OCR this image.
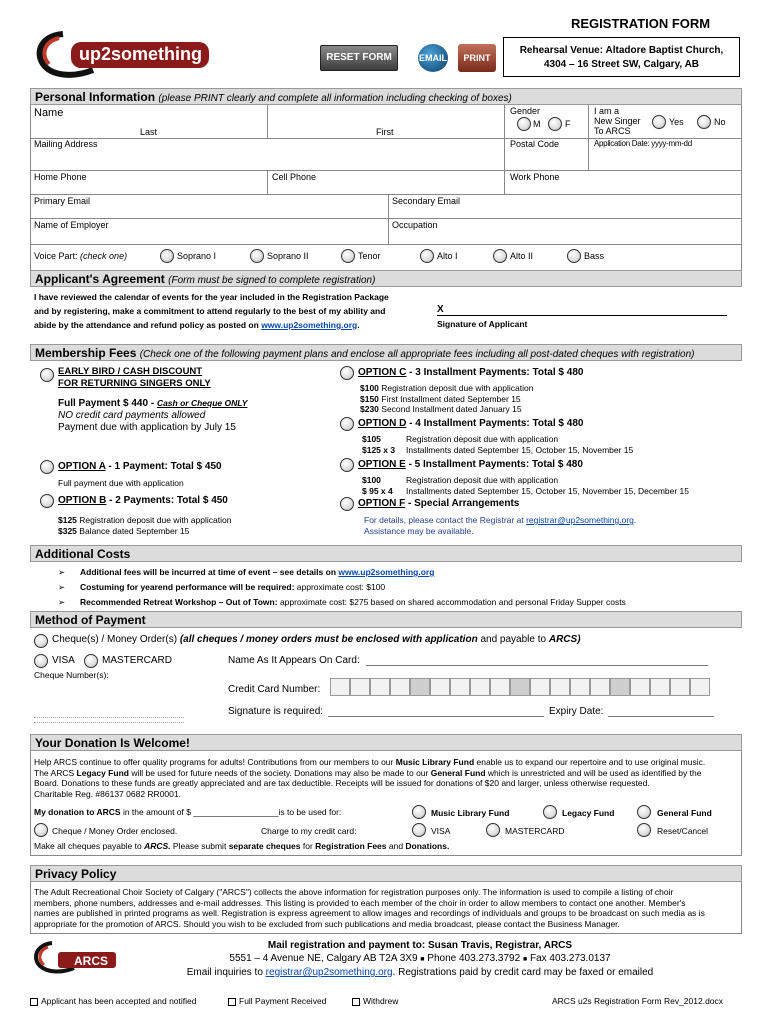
REGISTRATION FORM
up2something	RESET FORM	EMAIL	PRINT
Rehearsal Venue: Altadore Baptist Church,
4304 – 16 Street SW, Calgary, AB
Personal Information (please PRINT clearly and complete all information including checking of boxes)
Name
Last	First
Gender
M	F
I am a
New Singer
To ARCS
Yes	No
Mailing Address	Postal Code	Application Date: yyyy-mm-dd
Home Phone	Cell Phone	Work Phone
Primary Email	Secondary Email
Name of Employer	Occupation
Voice Part: (check one)	Soprano I	Soprano II	Tenor	Alto I	Alto II	Bass
Applicant's Agreement (Form must be signed to complete registration)
I have reviewed the calendar of events for the year included in the Registration Package
and by registering, make a commitment to attend regularly to the best of my ability and
abide by the attendance and refund policy as posted on www.up2something.org.
X
Signature of Applicant
Membership Fees (Check one of the following payment plans and enclose all appropriate fees including all post-dated cheques with registration)
EARLY BIRD / CASH DISCOUNT
FOR RETURNING SINGERS ONLY
Full Payment $ 440 - Cash or Cheque ONLY
NO credit card payments allowed
Payment due with application by July 15
OPTION A - 1 Payment: Total $ 450
Full payment due with application
OPTION B - 2 Payments: Total $ 450
$125 Registration deposit due with application
$325 Balance dated September 15
OPTION C - 3 Installment Payments: Total $ 480
$100 Registration deposit due with application
$150 First Installment dated September 15
$230 Second Installment dated January 15
OPTION D - 4 Installment Payments: Total $ 480
$105	Registration deposit due with application
$125 x 3 Installments dated September 15, October 15, November 15
OPTION E - 5 Installment Payments: Total $ 480
$100	Registration deposit due with application
$ 95 x 4 Installments dated September 15, October 15, November 15, December 15
OPTION F - Special Arrangements
For details, please contact the Registrar at registrar@up2something.org.
Assistance may be available.
Additional Costs
➢ Additional fees will be incurred at time of event – see details on www.up2something.org
➢ Costuming for yearend performance will be required: approximate cost: $100
➢ Recommended Retreat Workshop – Out of Town: approximate cost: $275 based on shared accommodation and personal Friday Supper costs
Method of Payment
Cheque(s) / Money Order(s) (all cheques / money orders must be enclosed with application and payable to ARCS)
VISA	MASTERCARD	Name As It Appears On Card:
Cheque Number(s):
Credit Card Number:
Signature is required:	Expiry Date:
Your Donation Is Welcome!
Help ARCS continue to offer quality programs for adults! Contributions from our members to our Music Library Fund enable us to expand our repertoire and to use original music.
The ARCS Legacy Fund will be used for future needs of the society. Donations may also be made to our General Fund which is unrestricted and will be used as identified by the
Board. Donations to these funds are greatly appreciated and are tax deductible. Receipts will be issued for donations of $20 and larger, unless otherwise requested.
Charitable Reg. #86137 0682 RR0001.
My donation to ARCS in the amount of $ __________________is to be used for:	Music Library Fund	Legacy Fund	General Fund
Cheque / Money Order enclosed.	Charge to my credit card:	VISA	MASTERCARD	Reset/Cancel
Make all cheques payable to ARCS. Please submit separate cheques for Registration Fees and Donations.
Privacy Policy
The Adult Recreational Choir Society of Calgary ("ARCS") collects the above information for registration purposes only. The information is used to compile a listing of choir
members, phone numbers, addresses and e-mail addresses. This listing is provided to each member of the choir in order to allow members to contact one another. Member's
names are published in printed programs as well. Registration is express agreement to allow images and recordings of individuals and groups to be broadcast on such media as is
appropriate for the promotion of ARCS. Should you wish to be excluded from such publications and media broadcast, please contact the Business Manager.
ARCS
Mail registration and payment to: Susan Travis, Registrar, ARCS
5551 – 4 Avenue NE, Calgary AB T2A 3X9 ■ Phone 403.273.3792 ■ Fax 403.273.0137
Email inquiries to registrar@up2something.org. Registrations paid by credit card may be faxed or emailed
Applicant has been accepted and notified	Full Payment Received	Withdrew	ARCS u2s Registration Form Rev_2012.docx
